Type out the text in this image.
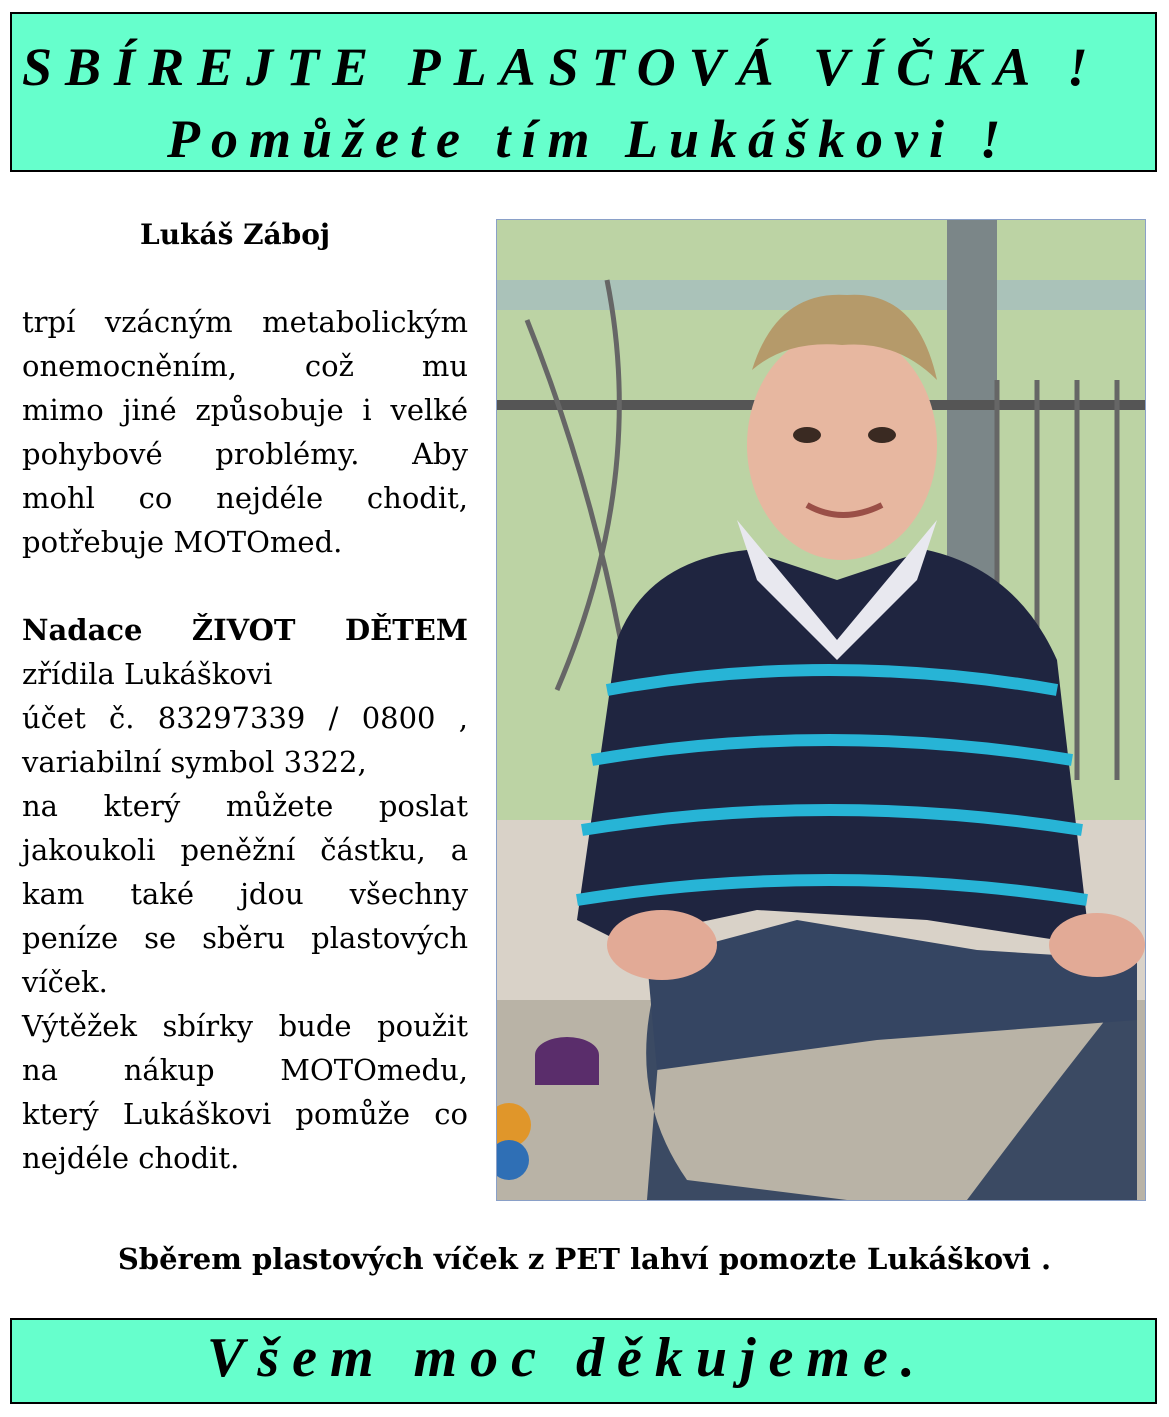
SBÍREJTE PLASTOVÁ VÍČKA !

Pomůžete tím Lukáškovi !

Lukáš Záboj
trpí vzácným metabolickým
onemocněním, což mu
mimo jiné způsobuje i velké
pohybové problémy. Aby
mohl co nejdéle chodit,
potřebuje MOTOmed.
Nadace ŽIVOT DĚTEM
zřídila Lukáškovi
účet č. 83297339 / 0800 ,
variabilní symbol 3322,
na který můžete poslat
jakoukoli peněžní částku, a
kam také jdou všechny
peníze se sběru plastových
víček.
Výtěžek sbírky bude použit
na nákup MOTOmedu,
který Lukáškovi pomůže co
nejdéle chodit.
Sběrem plastových víček z PET lahví pomozte Lukáškovi .

Všem moc děkujeme.
